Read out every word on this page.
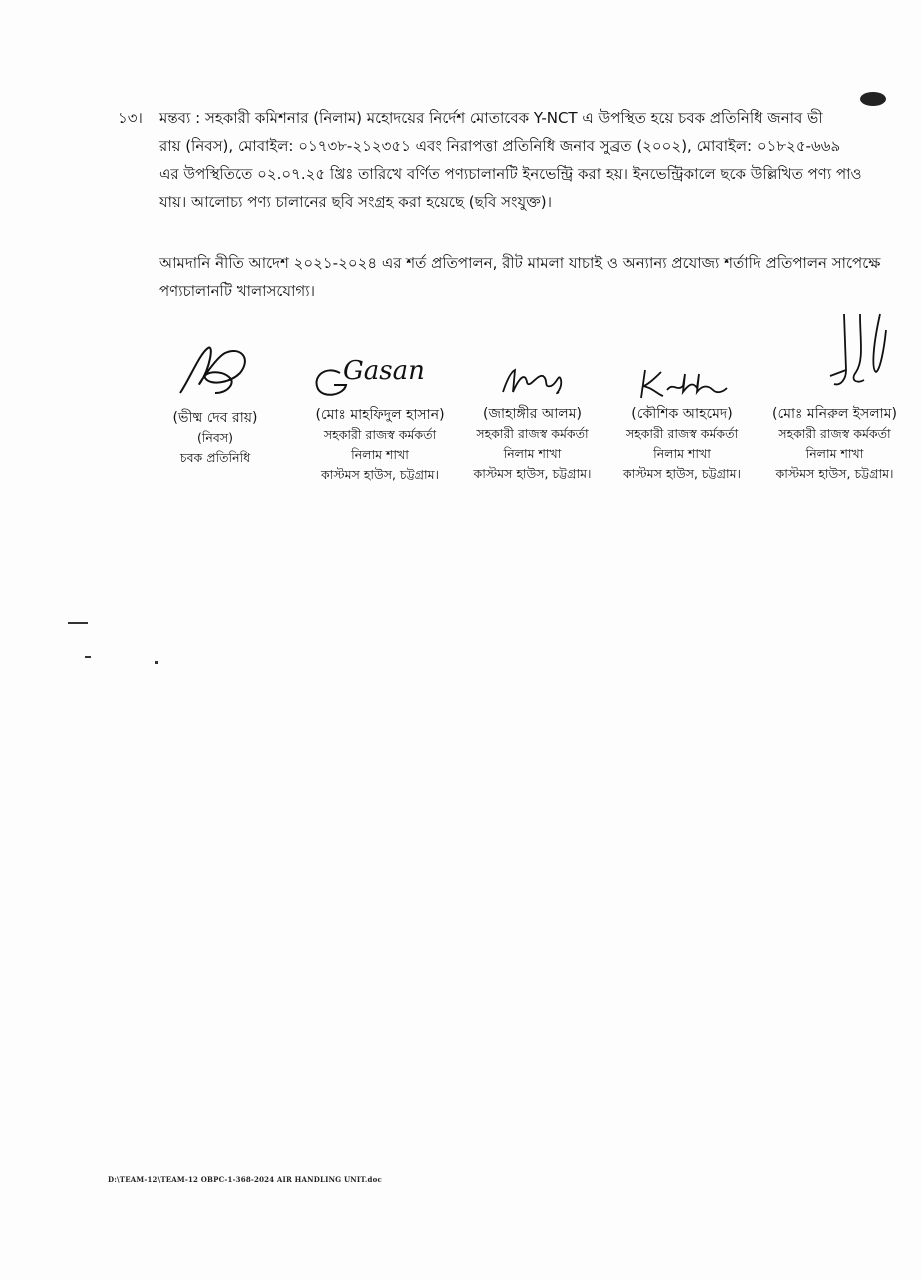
১৩। মন্তব্য : সহকারী কমিশনার (নিলাম) মহোদয়ের নির্দেশ মোতাবেক Y-NCT এ উপস্থিত হয়ে চবক প্রতিনিধি জনাব ভী
রায় (নিবস), মোবাইল: ০১৭৩৮-২১২৩৫১ এবং নিরাপত্তা প্রতিনিধি জনাব সুব্রত (২০০২), মোবাইল: ০১৮২৫-৬৬৯
এর উপস্থিতিতে ০২.০৭.২৫ খ্রিঃ তারিখে বর্ণিত পণ্যচালানটি ইনভেন্ট্রি করা হয়। ইনভেন্ট্রিকালে ছকে উল্লিখিত পণ্য পাও
যায়। আলোচ্য পণ্য চালানের ছবি সংগ্রহ করা হয়েছে (ছবি সংযুক্ত)।
আমদানি নীতি আদেশ ২০২১-২০২৪ এর শর্ত প্রতিপালন, রীট মামলা যাচাই ও অন্যান্য প্রযোজ্য শর্তাদি প্রতিপালন সাপেক্ষে
পণ্যচালানটি খালাসযোগ্য।
(ভীষ্ম দেব রায়)
(নিবস)
চবক প্রতিনিধি
Gasan
(মোঃ মাহফিদুল হাসান)
সহকারী রাজস্ব কর্মকর্তা
নিলাম শাখা
কাস্টমস হাউস, চট্টগ্রাম।
(জাহাঙ্গীর আলম)
সহকারী রাজস্ব কর্মকর্তা
নিলাম শাখা
কাস্টমস হাউস, চট্টগ্রাম।
(কৌশিক আহমেদ)
সহকারী রাজস্ব কর্মকর্তা
নিলাম শাখা
কাস্টমস হাউস, চট্টগ্রাম।
(মোঃ মনিরুল ইসলাম)
সহকারী রাজস্ব কর্মকর্তা
নিলাম শাখা
কাস্টমস হাউস, চট্টগ্রাম।
D:\TEAM-12\TEAM-12 OBPC-1-368-2024 AIR HANDLING UNIT.doc
